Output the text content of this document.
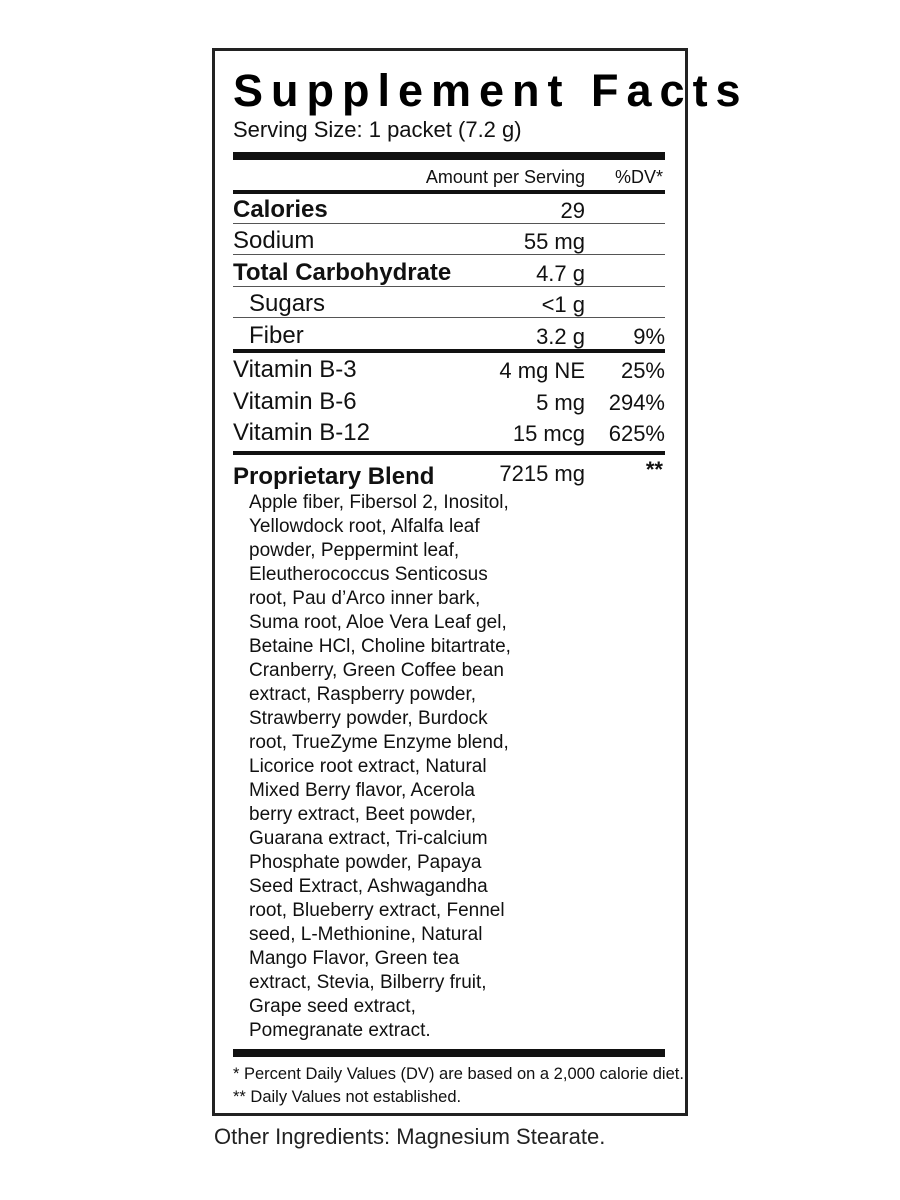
Supplement Facts
Serving Size: 1 packet (7.2 g)
Amount per Serving %DV*
Calories	29
Sodium	55 mg
Total Carbohydrate	4.7 g
Sugars	<1 g
Fiber	3.2 g 9%
Vitamin B-3	4 mg NE 25%
Vitamin B-6	5 mg 294%
Vitamin B-12	15 mcg 625%
Proprietary Blend	7215 mg	**
Apple fiber, Fibersol 2, Inositol,
Yellowdock root, Alfalfa leaf
powder, Peppermint leaf,
Eleutherococcus Senticosus
root, Pau d’Arco inner bark,
Suma root, Aloe Vera Leaf gel,
Betaine HCl, Choline bitartrate,
Cranberry, Green Coffee bean
extract, Raspberry powder,
Strawberry powder, Burdock
root, TrueZyme Enzyme blend,
Licorice root extract, Natural
Mixed Berry flavor, Acerola
berry extract, Beet powder,
Guarana extract, Tri-calcium
Phosphate powder, Papaya
Seed Extract, Ashwagandha
root, Blueberry extract, Fennel
seed, L-Methionine, Natural
Mango Flavor, Green tea
extract, Stevia, Bilberry fruit,
Grape seed extract,
Pomegranate extract.
* Percent Daily Values (DV) are based on a 2,000 calorie diet.
** Daily Values not established.
Other Ingredients: Magnesium Stearate.
